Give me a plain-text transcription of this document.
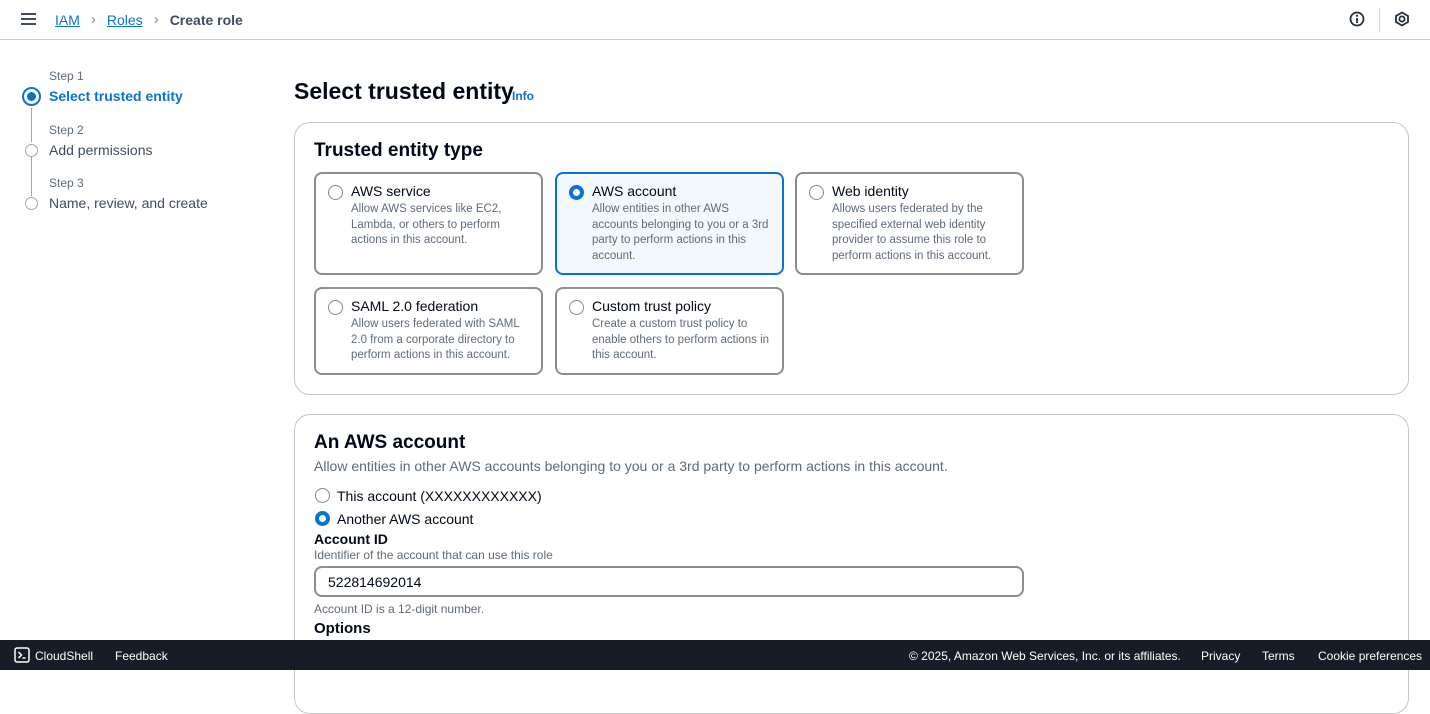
IAM › Roles › Create role
Step 1
Select trusted entity
Step 2
Add permissions
Step 3
Name, review, and create
Select trusted entity
Info
Trusted entity type
AWS service
Allow AWS services like EC2, Lambda, or others to perform actions in this account.
AWS account
Allow entities in other AWS accounts belonging to you or a 3rd party to perform actions in this account.
Web identity
Allows users federated by the specified external web identity provider to assume this role to perform actions in this account.
SAML 2.0 federation
Allow users federated with SAML 2.0 from a corporate directory to perform actions in this account.
Custom trust policy
Create a custom trust policy to enable others to perform actions in this account.
An AWS account
Allow entities in other AWS accounts belonging to you or a 3rd party to perform actions in this account.
This account (XXXXXXXXXXXX)
Another AWS account
Account ID
Identifier of the account that can use this role
522814692014
Account ID is a 12-digit number.
Options
CloudShell Feedback	© 2025, Amazon Web Services, Inc. or its affiliates. Privacy Terms Cookie preferences
